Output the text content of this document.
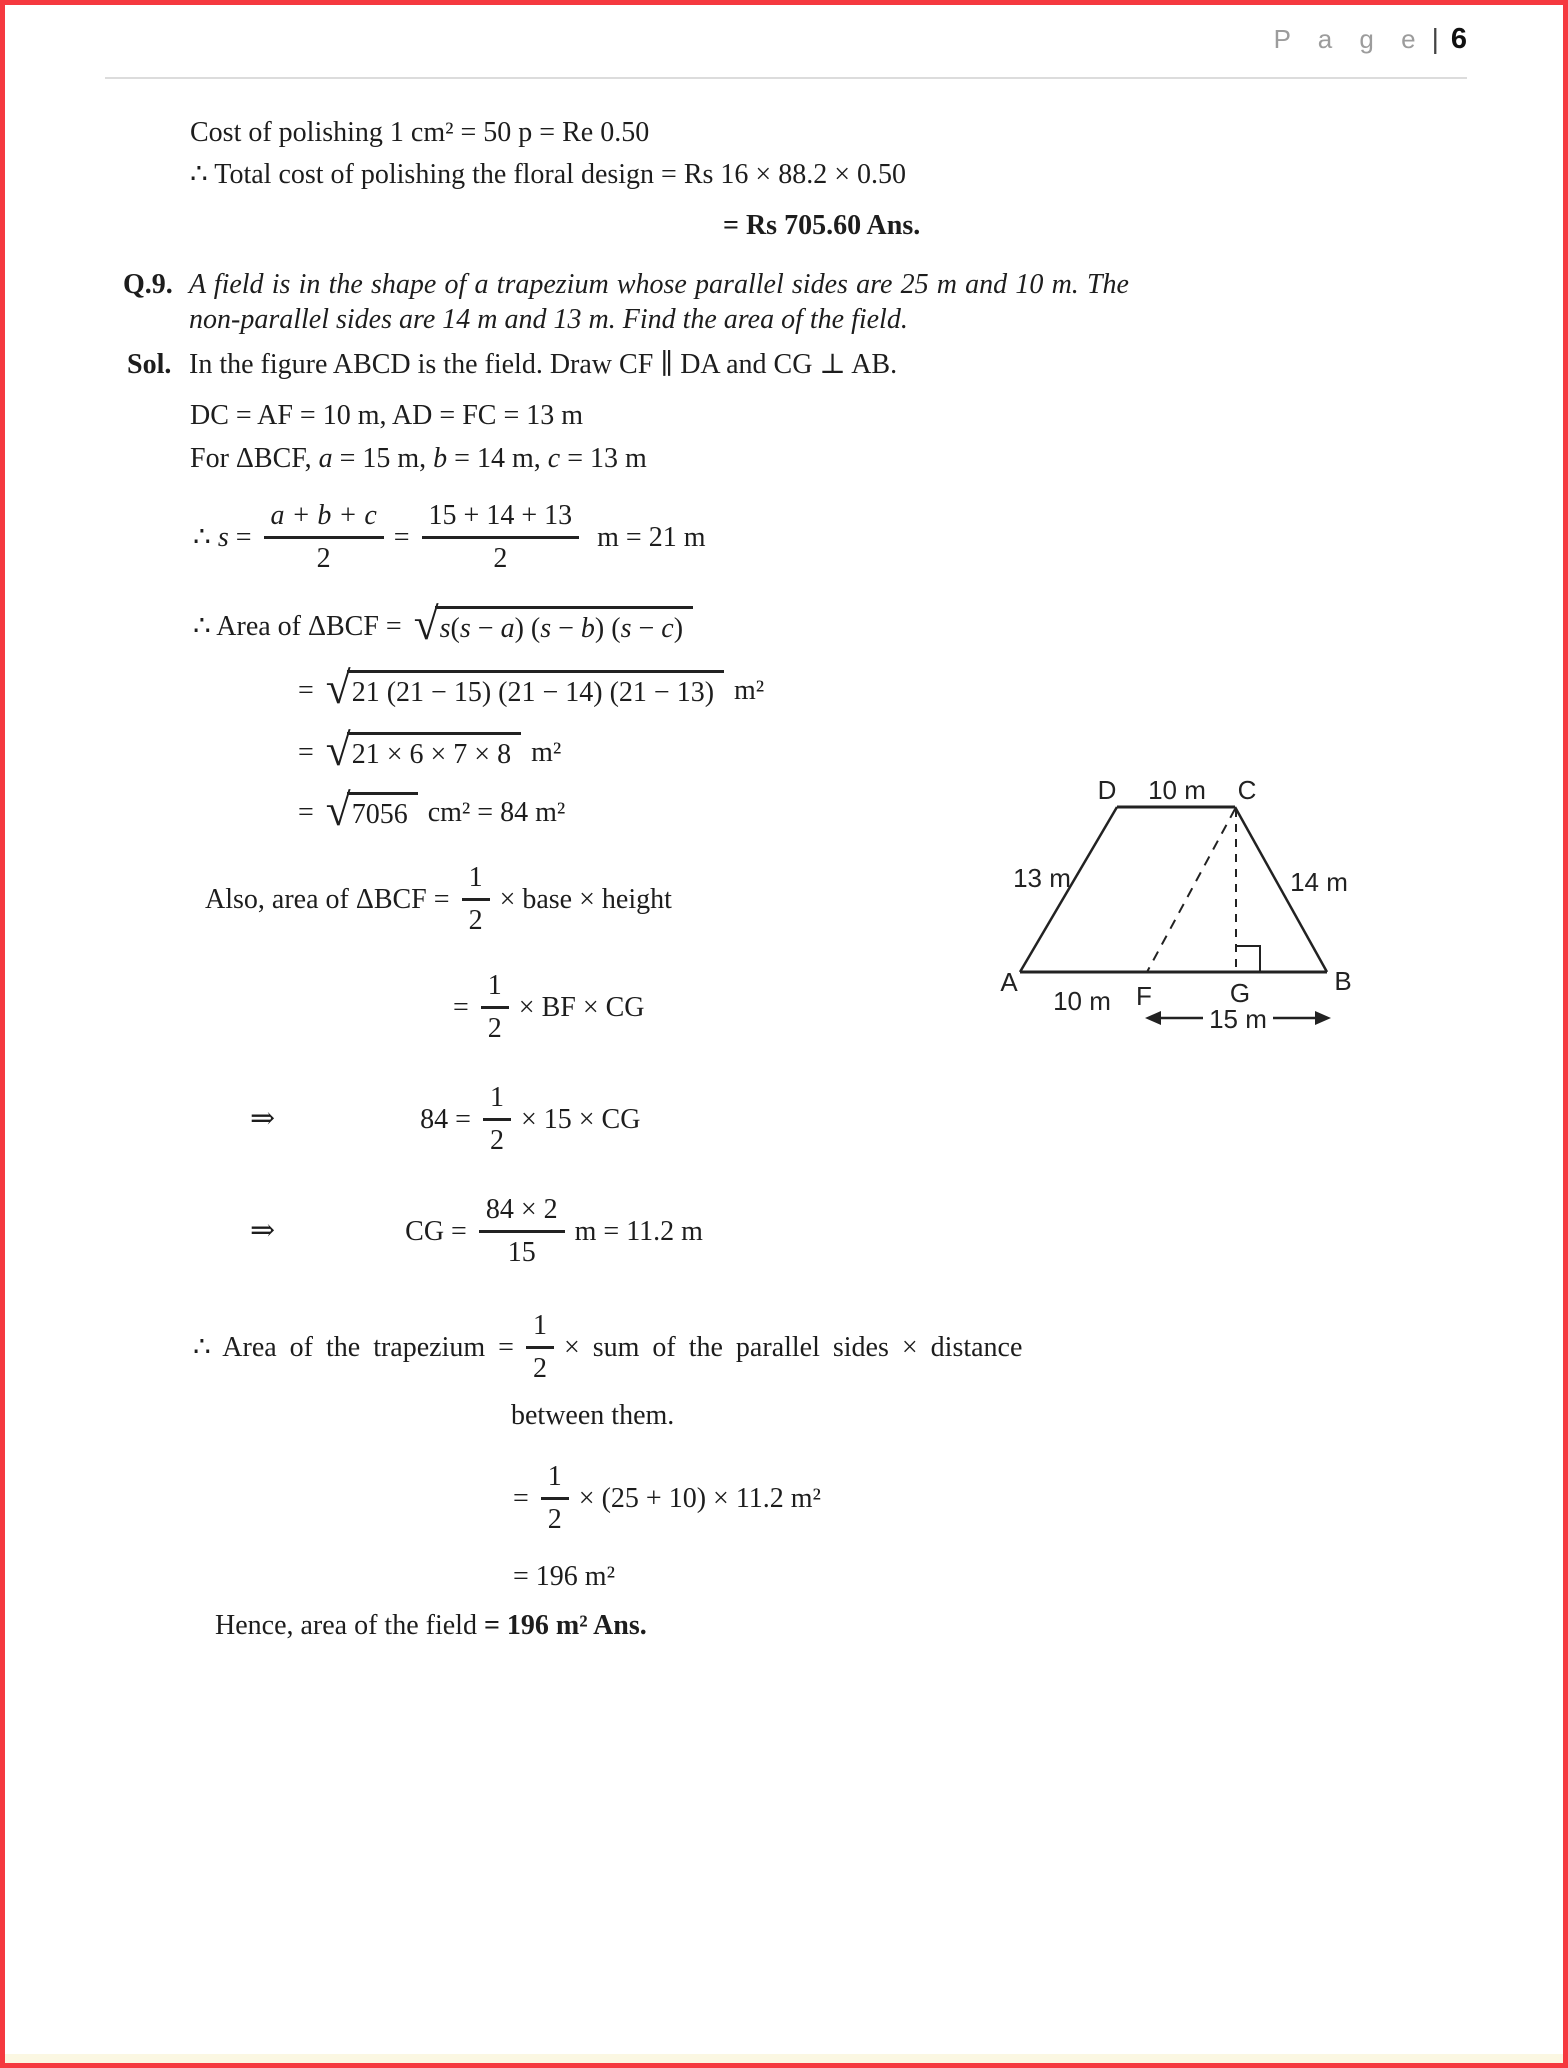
P a g e | 6
Cost of polishing 1 cm² = 50 p = Re 0.50
∴ Total cost of polishing the floral design = Rs 16 × 88.2 × 0.50
= Rs 705.60 Ans.
Q.9. A field is in the shape of a trapezium whose parallel sides are 25 m and 10 m. The non-parallel sides are 14 m and 13 m. Find the area of the field.
Sol. In the figure ABCD is the field. Draw CF ∥ DA and CG ⊥ AB.
DC = AF = 10 m, AD = FC = 13 m
For ΔBCF, a = 15 m, b = 14 m, c = 13 m
∴ $s = \frac{a + b + c}{2} = \frac{15 + 14 + 13}{2}$ m = 21 m
∴ Area of ΔBCF = √ s(s − a) (s − b) (s − c)
= √ 21 (21 − 15) (21 − 14) (21 − 13) m²
= √ 21 × 6 × 7 × 8 m²
= √ 7056 cm² = 84 m²
Also, area of $\Delta BCF = \frac{1}{2}$ × base × height
= $\frac{1}{2}$ × BF × CG
⇒	$84 = \frac{1}{2} \times 15$ × CG
⇒	CG = $\frac{84 \times 2}{15}$ m = 11.2 m
∴ Area of the trapezium = $\frac{1}{2}$ × sum of the parallel sides × distance
between them.
= $\frac{1}{2} \times (25 + 10) \times 11.2$ m²
= 196 m²
Hence, area of the field = 196 m² Ans.
D 10 m C
13 m	14 m
A	B
F	G
10 m
15 m
